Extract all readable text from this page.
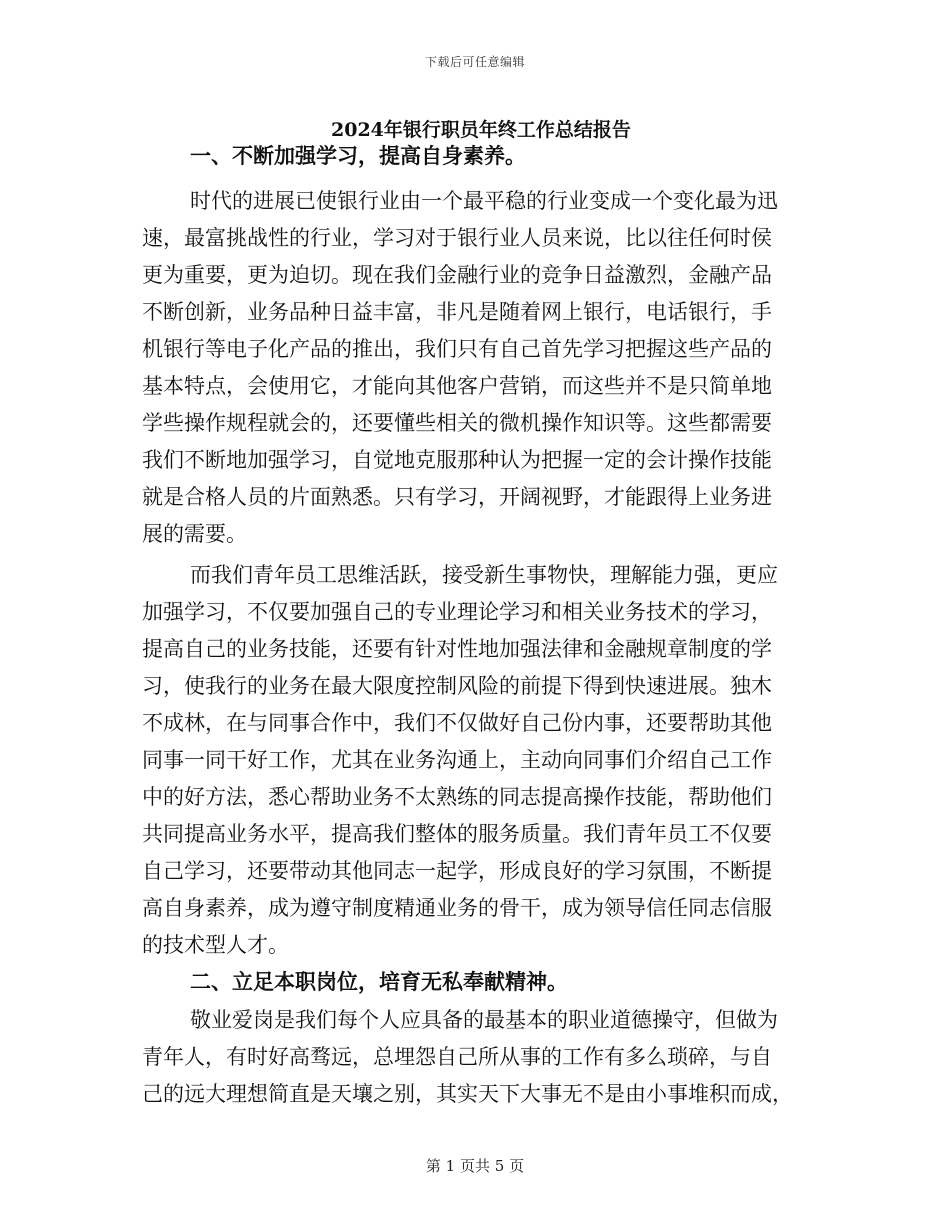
下载后可任意编辑
2024年银行职员年终工作总结报告
一、不断加强学习，提高自身素养。
时代的进展已使银行业由一个最平稳的行业变成一个变化最为迅
速，最富挑战性的行业，学习对于银行业人员来说，比以往任何时侯
更为重要，更为迫切。现在我们金融行业的竞争日益激烈，金融产品
不断创新，业务品种日益丰富，非凡是随着网上银行，电话银行，手
机银行等电子化产品的推出，我们只有自己首先学习把握这些产品的
基本特点，会使用它，才能向其他客户营销，而这些并不是只简单地
学些操作规程就会的，还要懂些相关的微机操作知识等。这些都需要
我们不断地加强学习，自觉地克服那种认为把握一定的会计操作技能
就是合格人员的片面熟悉。只有学习，开阔视野，才能跟得上业务进
展的需要。
而我们青年员工思维活跃，接受新生事物快，理解能力强，更应
加强学习，不仅要加强自己的专业理论学习和相关业务技术的学习，
提高自己的业务技能，还要有针对性地加强法律和金融规章制度的学
习，使我行的业务在最大限度控制风险的前提下得到快速进展。独木
不成林，在与同事合作中，我们不仅做好自己份内事，还要帮助其他
同事一同干好工作，尤其在业务沟通上，主动向同事们介绍自己工作
中的好方法，悉心帮助业务不太熟练的同志提高操作技能，帮助他们
共同提高业务水平，提高我们整体的服务质量。我们青年员工不仅要
自己学习，还要带动其他同志一起学，形成良好的学习氛围，不断提
高自身素养，成为遵守制度精通业务的骨干，成为领导信任同志信服
的技术型人才。
二、立足本职岗位，培育无私奉献精神。
敬业爱岗是我们每个人应具备的最基本的职业道德操守，但做为
青年人，有时好高骛远，总埋怨自己所从事的工作有多么琐碎，与自
己的远大理想简直是天壤之别，其实天下大事无不是由小事堆积而成，
第 1 页共 5 页
